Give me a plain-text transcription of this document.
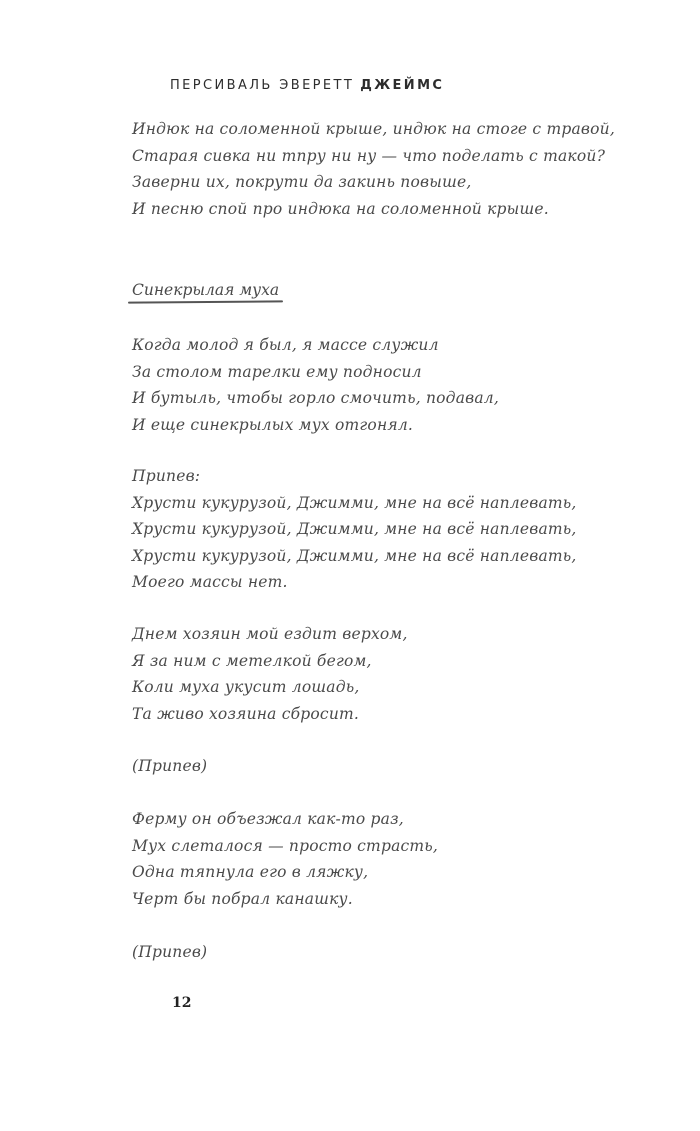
ПЕРСИВАЛЬ ЭВЕРЕТТ ДЖЕЙМС
Индюк на соломенной крыше, индюк на стоге с травой,
Старая сивка ни тпру ни ну — что поделать с такой?
Заверни их, покрути да закинь повыше,
И песню спой про индюка на соломенной крыше.
Синекрылая муха
Когда молод я был, я массе служил
За столом тарелки ему подносил
И бутыль, чтобы горло смочить, подавал,
И еще синекрылых мух отгонял.
Припев:
Хрусти кукурузой, Джимми, мне на всё наплевать,
Хрусти кукурузой, Джимми, мне на всё наплевать,
Хрусти кукурузой, Джимми, мне на всё наплевать,
Моего массы нет.
Днем хозяин мой ездит верхом,
Я за ним с метелкой бегом,
Коли муха укусит лошадь,
Та живо хозяина сбросит.
(Припев)
Ферму он объезжал как-то раз,
Мух слеталося — просто страсть,
Одна тяпнула его в ляжку,
Черт бы побрал канашку.
(Припев)
12
